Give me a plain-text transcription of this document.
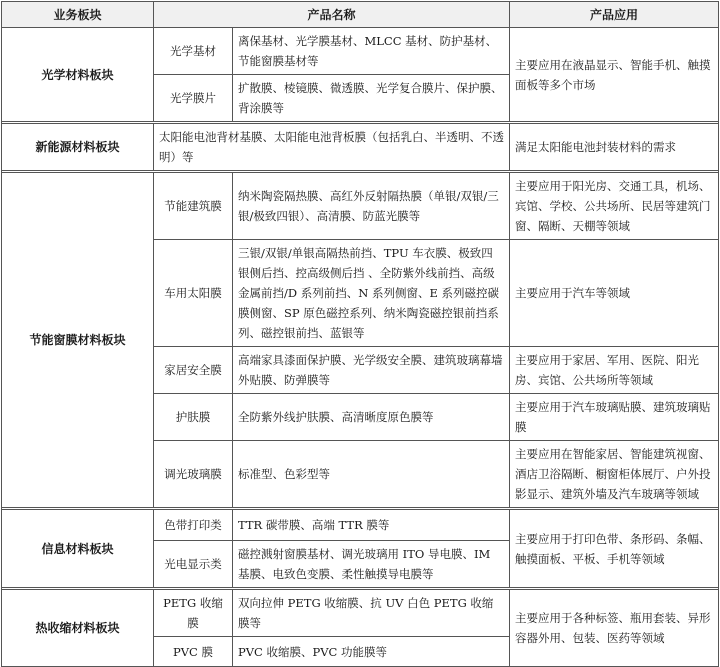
业务板块	产品名称		产品应用
光学材料板块	光学基材	离保基材、光学膜基材、MLCC 基材、防护基材、节能窗膜基材等	主要应用在液晶显示、智能手机、触摸面板等多个市场
	光学膜片	扩散膜、棱镜膜、微透膜、光学复合膜片、保护膜、背涂膜等	

新能源材料板块	太阳能电池背材基膜、太阳能电池背板膜（包括乳白、半透明、不透明）等		满足太阳能电池封装材料的需求

节能窗膜材料板块	节能建筑膜	纳米陶瓷隔热膜、高红外反射隔热膜（单银/双银/三银/极致四银）、高清膜、防蓝光膜等	主要应用于阳光房、交通工具，机场、宾馆、学校、公共场所、民居等建筑门窗、隔断、天棚等领域
	车用太阳膜	三银/双银/单银高隔热前挡、TPU 车衣膜、极致四银侧后挡、控高级侧后挡 、全防紫外线前挡、高级金属前挡/D 系列前挡、N 系列侧窗、E 系列磁控碳膜侧窗、SP 原色磁控系列、纳米陶瓷磁控银前挡系列、磁控银前挡、蓝银等	主要应用于汽车等领域
	家居安全膜	高端家具漆面保护膜、光学级安全膜、建筑玻璃幕墙外贴膜、防弹膜等	主要应用于家居、军用、医院、阳光房、宾馆、公共场所等领域
	护肤膜	全防紫外线护肤膜、高清晰度原色膜等	主要应用于汽车玻璃贴膜、建筑玻璃贴膜
	调光玻璃膜	标准型、色彩型等	主要应用在智能家居、智能建筑视窗、酒店卫浴隔断、橱窗柜体展厅、户外投影显示、建筑外墙及汽车玻璃等领域

信息材料板块	色带打印类	TTR 碳带膜、高端 TTR 膜等	主要应用于打印色带、条形码、条幅、触摸面板、平板、手机等领域
	光电显示类	磁控溅射窗膜基材、调光玻璃用 ITO 导电膜、IM 基膜、电致色变膜、柔性触摸导电膜等	

热收缩材料板块	PETG 收缩膜	双向拉伸 PETG 收缩膜、抗 UV 白色 PETG 收缩膜等	主要应用于各种标签、瓶用套装、异形容器外用、包装、医药等领域
	PVC 膜	PVC 收缩膜、PVC 功能膜等	
